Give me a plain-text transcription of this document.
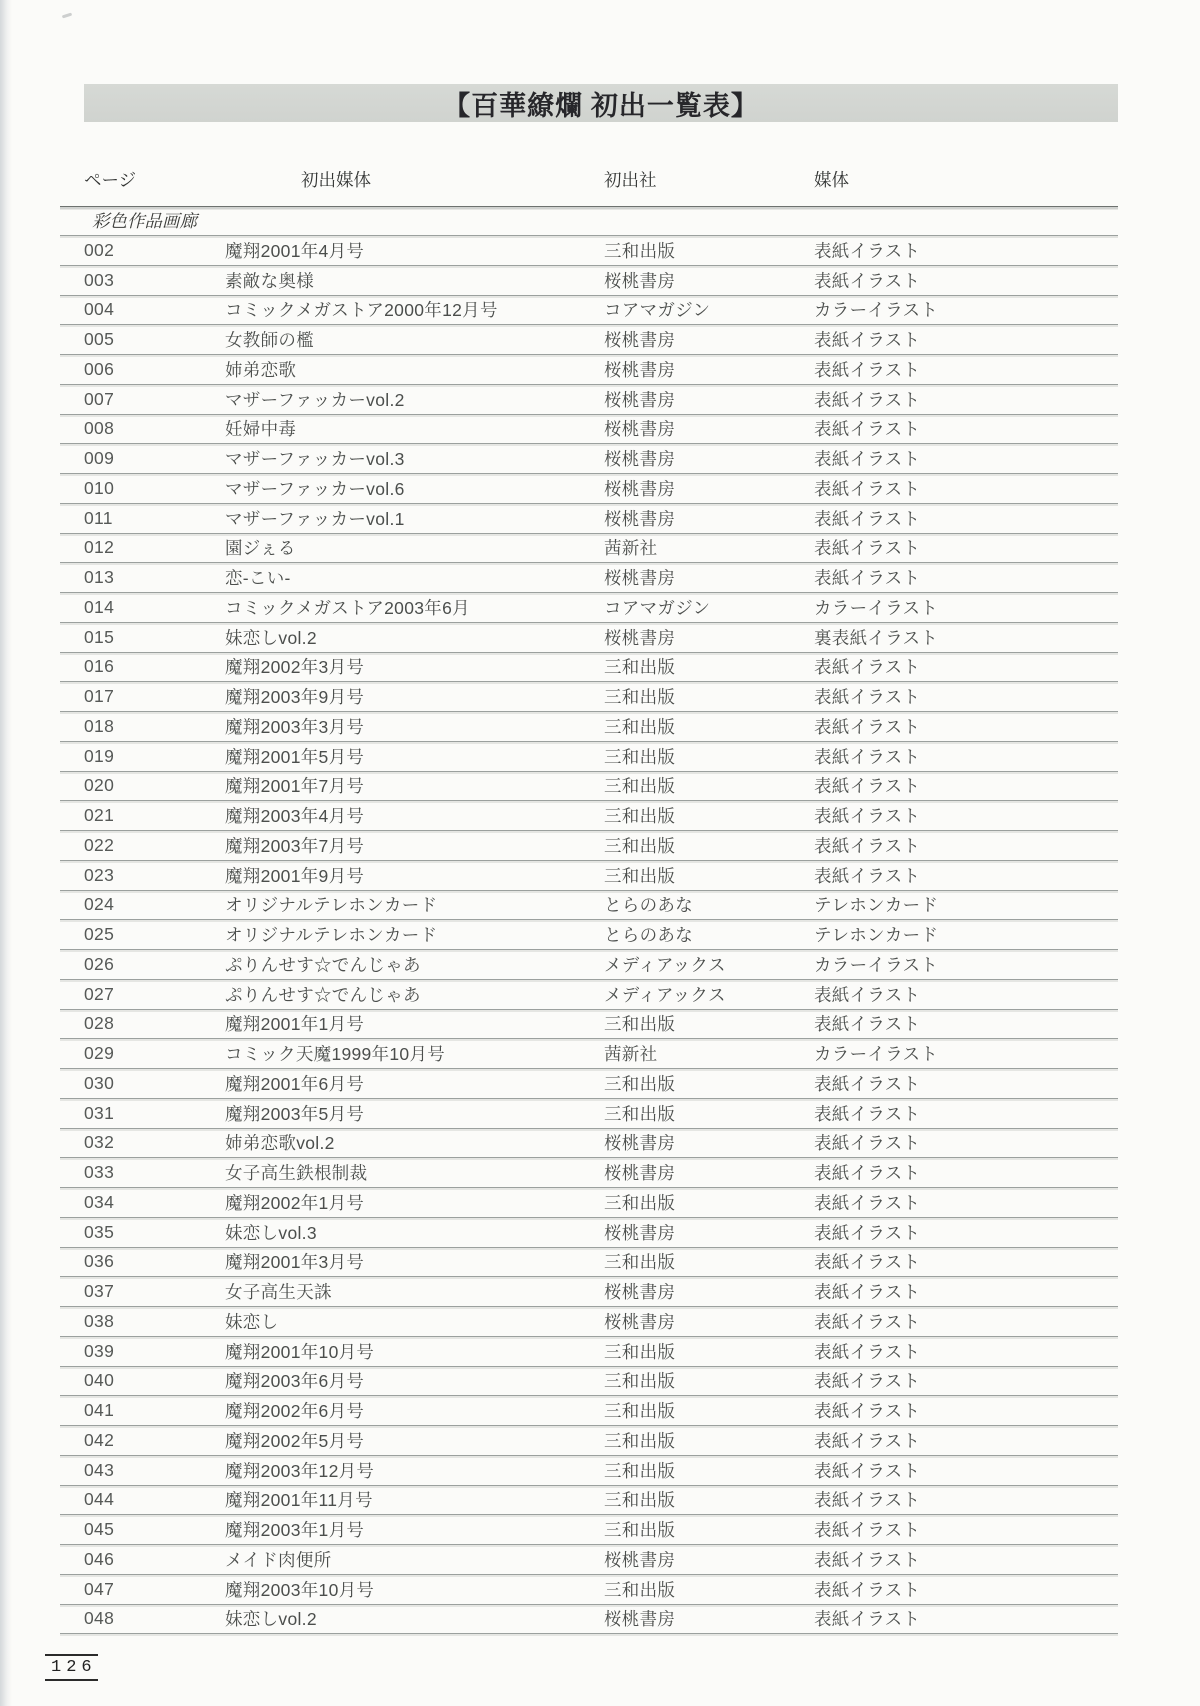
【百華繚爛 初出一覧表】
ページ	初出媒体	初出社	媒体
彩色作品画廊
002	魔翔2001年4月号	三和出版	表紙イラスト
003	素敵な奥様	桜桃書房	表紙イラスト
004	コミックメガストア2000年12月号	コアマガジン	カラーイラスト
005	女教師の檻	桜桃書房	表紙イラスト
006	姉弟恋歌	桜桃書房	表紙イラスト
007	マザーファッカーvol.2	桜桃書房	表紙イラスト
008	妊婦中毒	桜桃書房	表紙イラスト
009	マザーファッカーvol.3	桜桃書房	表紙イラスト
010	マザーファッカーvol.6	桜桃書房	表紙イラスト
011	マザーファッカーvol.1	桜桃書房	表紙イラスト
012	園ジぇる	茜新社	表紙イラスト
013	恋-こい-	桜桃書房	表紙イラスト
014	コミックメガストア2003年6月	コアマガジン	カラーイラスト
015	妹恋しvol.2	桜桃書房	裏表紙イラスト
016	魔翔2002年3月号	三和出版	表紙イラスト
017	魔翔2003年9月号	三和出版	表紙イラスト
018	魔翔2003年3月号	三和出版	表紙イラスト
019	魔翔2001年5月号	三和出版	表紙イラスト
020	魔翔2001年7月号	三和出版	表紙イラスト
021	魔翔2003年4月号	三和出版	表紙イラスト
022	魔翔2003年7月号	三和出版	表紙イラスト
023	魔翔2001年9月号	三和出版	表紙イラスト
024	オリジナルテレホンカード	とらのあな	テレホンカード
025	オリジナルテレホンカード	とらのあな	テレホンカード
026	ぷりんせす☆でんじゃあ	メディアックス	カラーイラスト
027	ぷりんせす☆でんじゃあ	メディアックス	表紙イラスト
028	魔翔2001年1月号	三和出版	表紙イラスト
029	コミック天魔1999年10月号	茜新社	カラーイラスト
030	魔翔2001年6月号	三和出版	表紙イラスト
031	魔翔2003年5月号	三和出版	表紙イラスト
032	姉弟恋歌vol.2	桜桃書房	表紙イラスト
033	女子高生鉄根制裁	桜桃書房	表紙イラスト
034	魔翔2002年1月号	三和出版	表紙イラスト
035	妹恋しvol.3	桜桃書房	表紙イラスト
036	魔翔2001年3月号	三和出版	表紙イラスト
037	女子高生天誅	桜桃書房	表紙イラスト
038	妹恋し	桜桃書房	表紙イラスト
039	魔翔2001年10月号	三和出版	表紙イラスト
040	魔翔2003年6月号	三和出版	表紙イラスト
041	魔翔2002年6月号	三和出版	表紙イラスト
042	魔翔2002年5月号	三和出版	表紙イラスト
043	魔翔2003年12月号	三和出版	表紙イラスト
044	魔翔2001年11月号	三和出版	表紙イラスト
045	魔翔2003年1月号	三和出版	表紙イラスト
046	メイド肉便所	桜桃書房	表紙イラスト
047	魔翔2003年10月号	三和出版	表紙イラスト
048	妹恋しvol.2	桜桃書房	表紙イラスト
126
